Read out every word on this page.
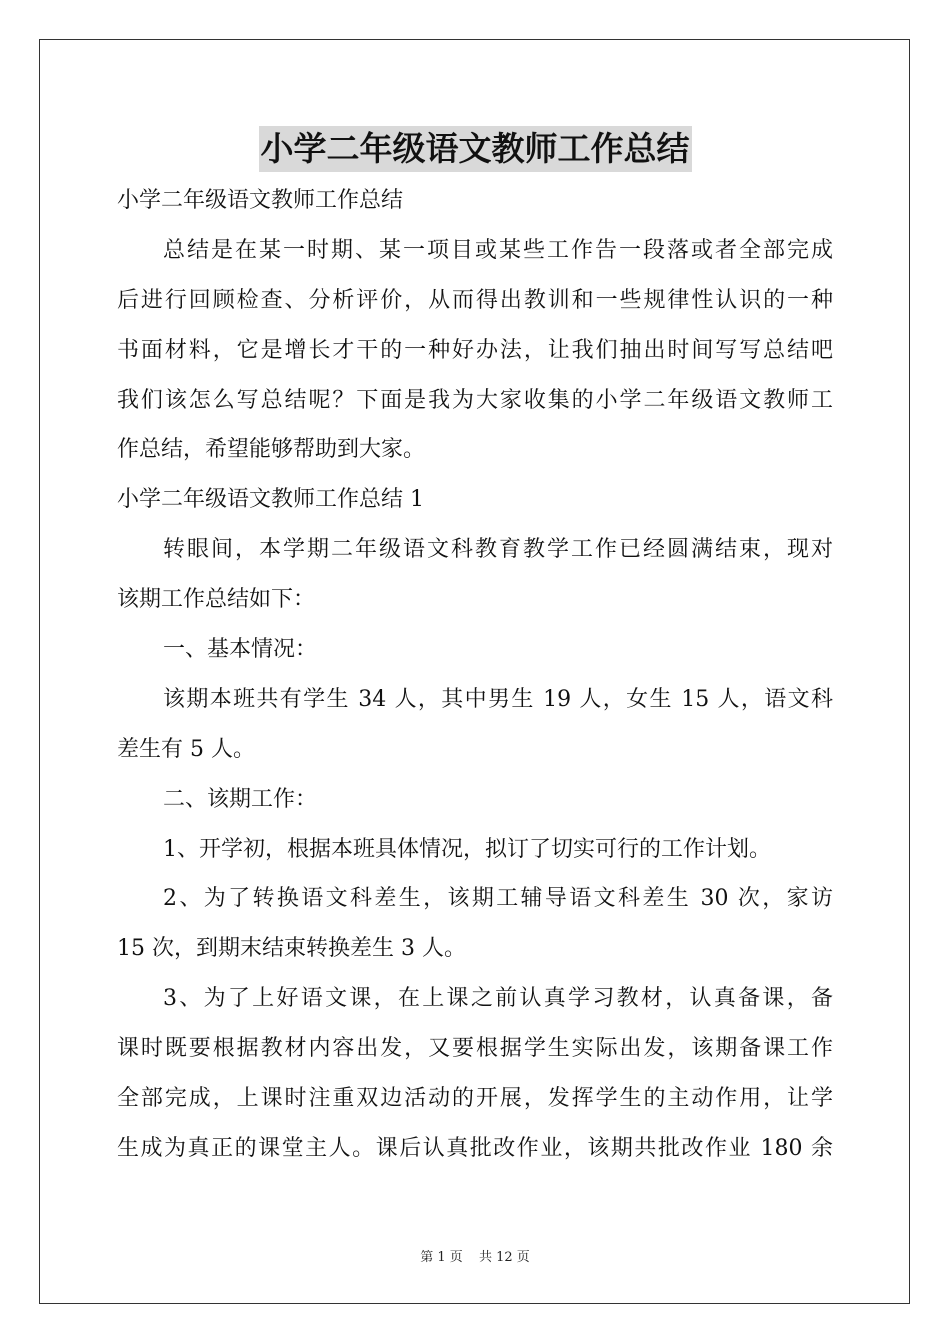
小学二年级语文教师工作总结
小学二年级语文教师工作总结
总结是在某一时期、某一项目或某些工作告一段落或者全部完成
后进行回顾检查、分析评价，从而得出教训和一些规律性认识的一种
书面材料，它是增长才干的一种好办法，让我们抽出时间写写总结吧
我们该怎么写总结呢？下面是我为大家收集的小学二年级语文教师工
作总结，希望能够帮助到大家。
小学二年级语文教师工作总结 1
转眼间，本学期二年级语文科教育教学工作已经圆满结束，现对
该期工作总结如下：
一、基本情况：
该期本班共有学生 34 人，其中男生 19 人，女生 15 人，语文科
差生有 5 人。
二、该期工作：
1、开学初，根据本班具体情况，拟订了切实可行的工作计划。
2、为了转换语文科差生，该期工辅导语文科差生 30 次，家访
15 次，到期末结束转换差生 3 人。
3、为了上好语文课，在上课之前认真学习教材，认真备课，备
课时既要根据教材内容出发，又要根据学生实际出发，该期备课工作
全部完成，上课时注重双边活动的开展，发挥学生的主动作用，让学
生成为真正的课堂主人。课后认真批改作业，该期共批改作业 180 余
第 1 页 共 12 页
